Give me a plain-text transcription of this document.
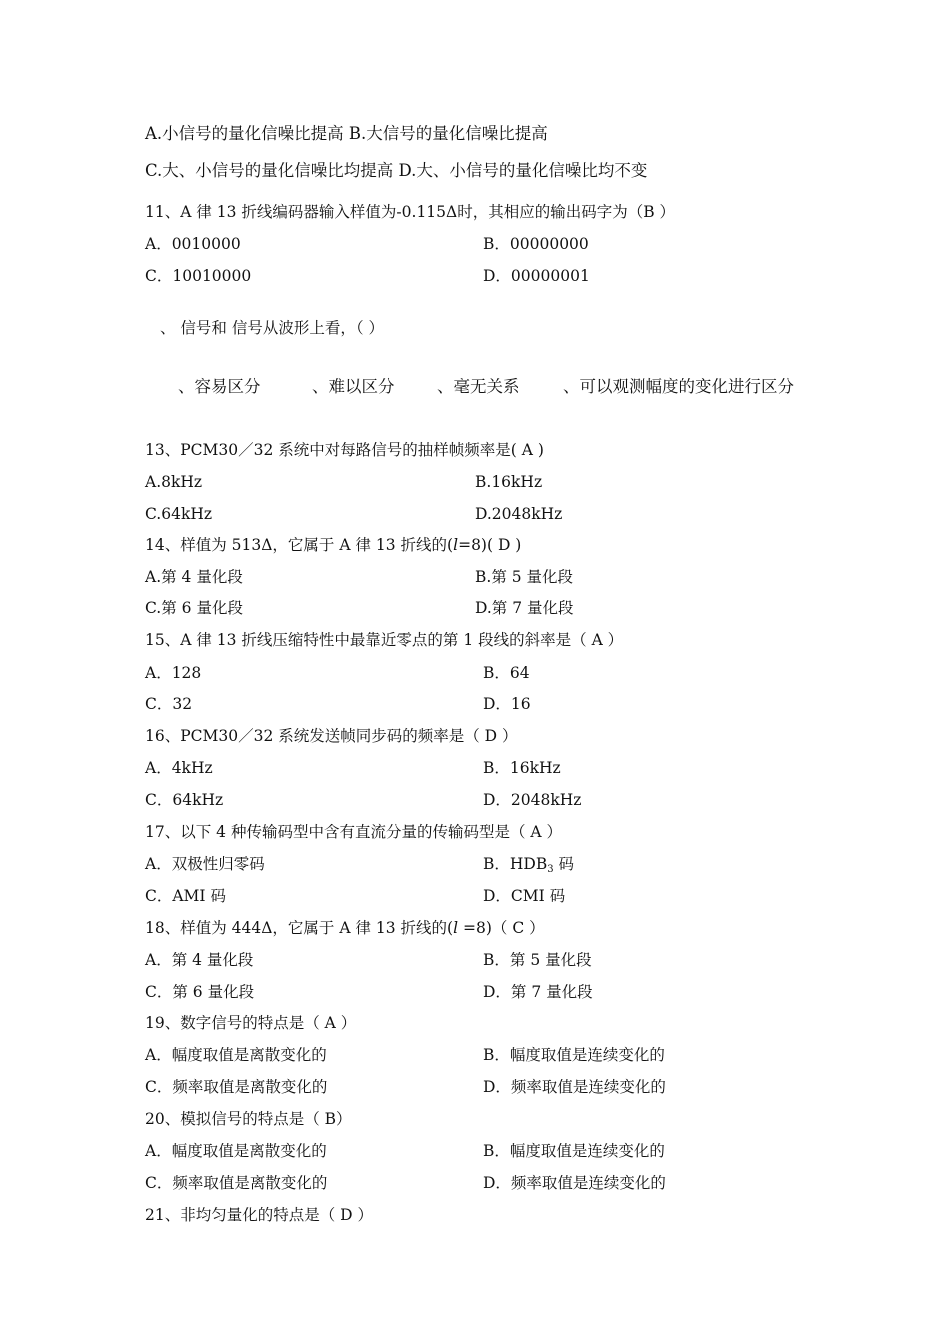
A.小信号的量化信噪比提高 B.大信号的量化信噪比提高
C.大、小信号的量化信噪比均提高 D.大、小信号的量化信噪比均不变
11、A 律 13 折线编码器输入样值为-0.115Δ时，其相应的输出码字为（B ）
A．0010000	B．00000000
C．10010000	D．00000001
、 信号和 信号从波形上看，（ ）
、容易区分	、难以区分	、毫无关系	、可以观测幅度的变化进行区分
13、PCM30／32 系统中对每路信号的抽样帧频率是( A )
A.8kHz	B.16kHz
C.64kHz	D.2048kHz
14、样值为 513Δ，它属于 A 律 13 折线的(l=8)( D )
A.第 4 量化段	B.第 5 量化段
C.第 6 量化段	D.第 7 量化段
15、A 律 13 折线压缩特性中最靠近零点的第 1 段线的斜率是（ A ）
A．128	B．64
C．32	D．16
16、PCM30／32 系统发送帧同步码的频率是（ D ）
A．4kHz	B．16kHz
C．64kHz	D．2048kHz
17、以下 4 种传输码型中含有直流分量的传输码型是（ A ）
A．双极性归零码	B．$HDB_3$ 码
C．AMI 码	D．CMI 码
18、样值为 444Δ，它属于 A 律 13 折线的(l =8)（ C ）
A．第 4 量化段	B．第 5 量化段
C．第 6 量化段	D．第 7 量化段
19、数字信号的特点是（ A ）
A．幅度取值是离散变化的	B．幅度取值是连续变化的
C．频率取值是离散变化的	D．频率取值是连续变化的
20、模拟信号的特点是（ B）
A．幅度取值是离散变化的	B．幅度取值是连续变化的
C．频率取值是离散变化的	D．频率取值是连续变化的
21、非均匀量化的特点是（ D ）
